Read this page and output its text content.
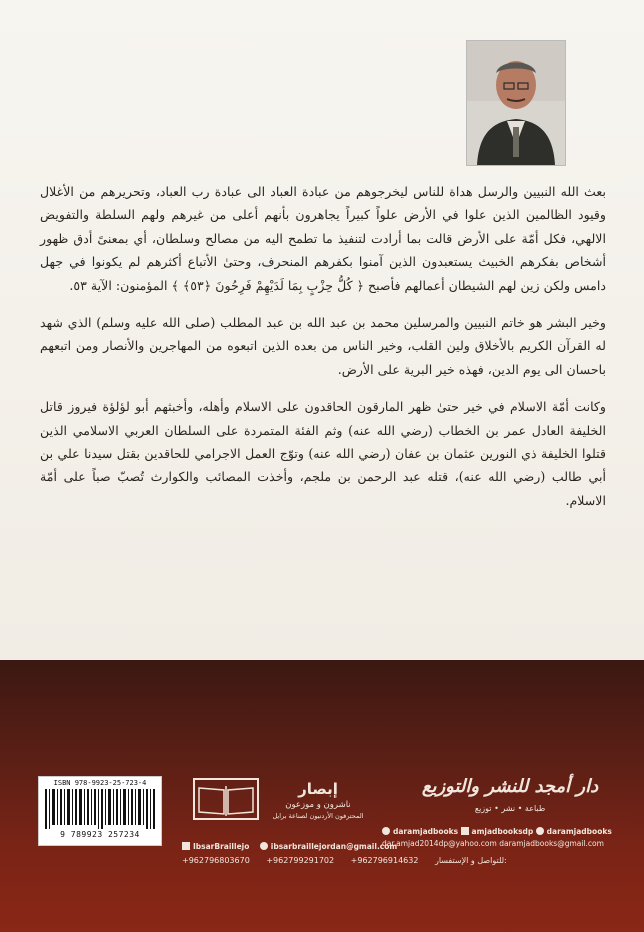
بعث الله النبيين والرسل هداة للناس ليخرجوهم من عبادة العباد الى عبادة رب العباد، وتحريرهم من الأغلال وقيود الظالمين الذين علوا في الأرض علواً كبيراً يجاهرون بأنهم أعلى من غيرهم ولهم السلطة والتفويض الالهي، فكل أمّة على الأرض قالت بما أرادت لتنفيذ ما تطمح اليه من مصالح وسلطان، أي بمعنىً أدق ظهور أشخاص بفكرهم الخبيث يستعبدون الذين آمنوا بكفرهم المنحرف، وحتىٰ الأتباع أكثرهم لم يكونوا في جهل دامس ولكن زين لهم الشيطان أعمالهم فأصبح ﴿ كُلُّ حِزْبٍ بِمَا لَدَيْهِمْ فَرِحُونَ ﴿٥٣﴾ ﴾ المؤمنون: الآية ٥٣.

وخير البشر هو خاتم النبيين والمرسلين محمد بن عبد الله بن عبد المطلب (صلى الله عليه وسلم) الذي شهد له القرآن الكريم بالأخلاق ولين القلب، وخير الناس من بعده الذين اتبعوه من المهاجرين والأنصار ومن اتبعهم باحسان الى يوم الدين، فهذه خير البرية على الأرض.

وكانت أمّة الاسلام في خير حتىٰ ظهر المارقون الحاقدون على الاسلام وأهله، وأخبثهم أبو لؤلؤة فيروز قاتل الخليفة العادل عمر بن الخطاب (رضي الله عنه) وثم الفئة المتمردة على السلطان العربي الاسلامي الذين قتلوا الخليفة ذي النورين عثمان بن عفان (رضي الله عنه) وتوّج العمل الاجرامي للحاقدين بقتل سيدنا علي بن أبي طالب (رضي الله عنه)، قتله عبد الرحمن بن ملجم، وأخذت المصائب والكوارث تُصبّ صباً على أمّة الاسلام.

ISBN 978-9923-25-723-4
9 789923 257234
إبصار
ناشرون و موزعون
المحترفون الأردنيون لصناعة برايل
IbsarBraillejo	ibsarbraillejordan@gmail.com
دار أمجد للنشر والتوزيع
طباعة • نشر • توزيع
daramjadbooks amjadbooksdp daramjadbooks
dar.amjad2014dp@yahoo.com daramjadbooks@gmail.com
+962796803670 +962799291702 +962796914632 للتواصل و الإستفسار:
